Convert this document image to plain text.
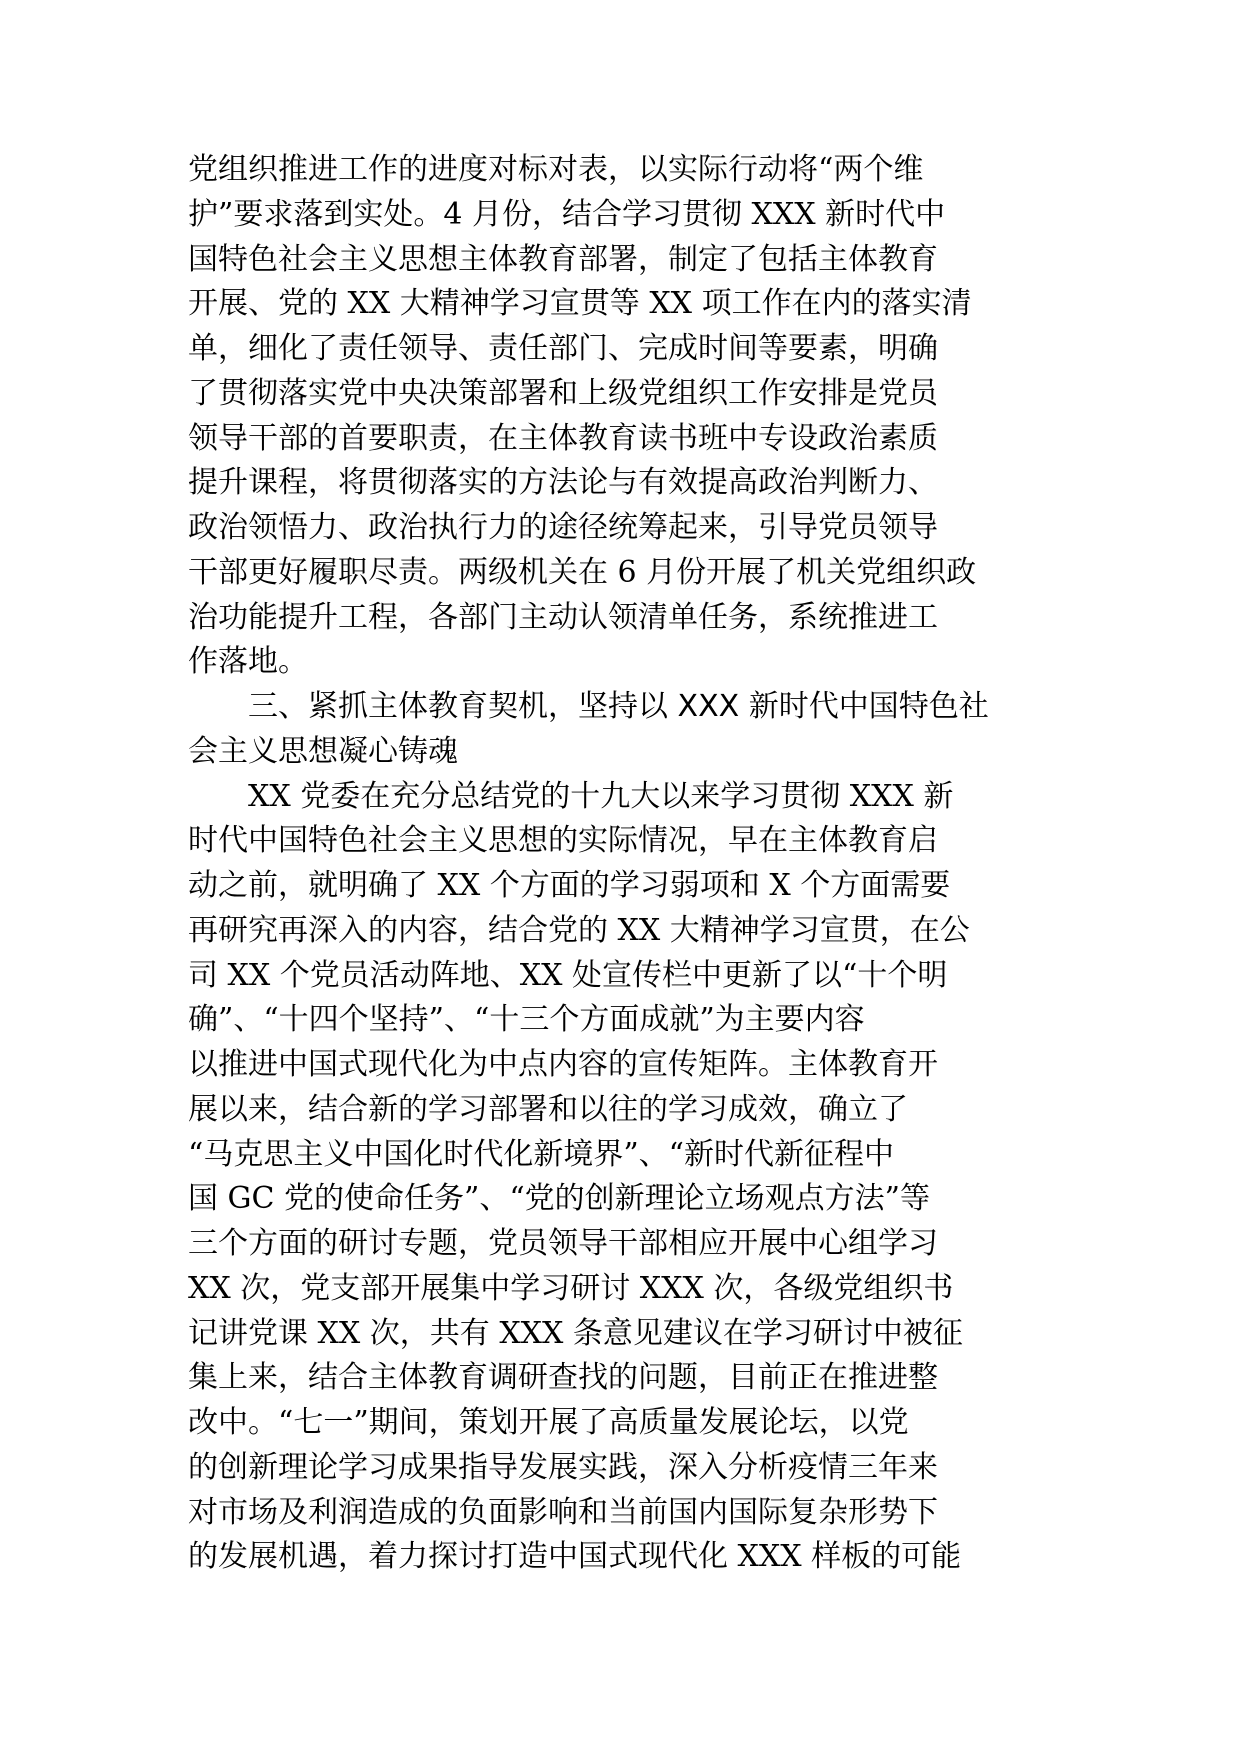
党组织推进工作的进度对标对表，以实际行动将“两个维
护”要求落到实处。4 月份，结合学习贯彻 XXX 新时代中
国特色社会主义思想主体教育部署，制定了包括主体教育
开展、党的 XX 大精神学习宣贯等 XX 项工作在内的落实清
单，细化了责任领导、责任部门、完成时间等要素，明确
了贯彻落实党中央决策部署和上级党组织工作安排是党员
领导干部的首要职责，在主体教育读书班中专设政治素质
提升课程，将贯彻落实的方法论与有效提高政治判断力、
政治领悟力、政治执行力的途径统筹起来，引导党员领导
干部更好履职尽责。两级机关在 6 月份开展了机关党组织政
治功能提升工程，各部门主动认领清单任务，系统推进工
作落地。
　　三、紧抓主体教育契机，坚持以 XXX 新时代中国特色社
会主义思想凝心铸魂
　　XX 党委在充分总结党的十九大以来学习贯彻 XXX 新
时代中国特色社会主义思想的实际情况，早在主体教育启
动之前，就明确了 XX 个方面的学习弱项和 X 个方面需要
再研究再深入的内容，结合党的 XX 大精神学习宣贯，在公
司 XX 个党员活动阵地、XX 处宣传栏中更新了以“十个明
确”、“十四个坚持”、“十三个方面成就”为主要内容
以推进中国式现代化为中点内容的宣传矩阵。主体教育开
展以来，结合新的学习部署和以往的学习成效，确立了
“马克思主义中国化时代化新境界”、“新时代新征程中
国 GC 党的使命任务”、“党的创新理论立场观点方法”等
三个方面的研讨专题，党员领导干部相应开展中心组学习
XX 次，党支部开展集中学习研讨 XXX 次，各级党组织书
记讲党课 XX 次，共有 XXX 条意见建议在学习研讨中被征
集上来，结合主体教育调研查找的问题，目前正在推进整
改中。“七一”期间，策划开展了高质量发展论坛，以党
的创新理论学习成果指导发展实践，深入分析疫情三年来
对市场及利润造成的负面影响和当前国内国际复杂形势下
的发展机遇，着力探讨打造中国式现代化 XXX 样板的可能
